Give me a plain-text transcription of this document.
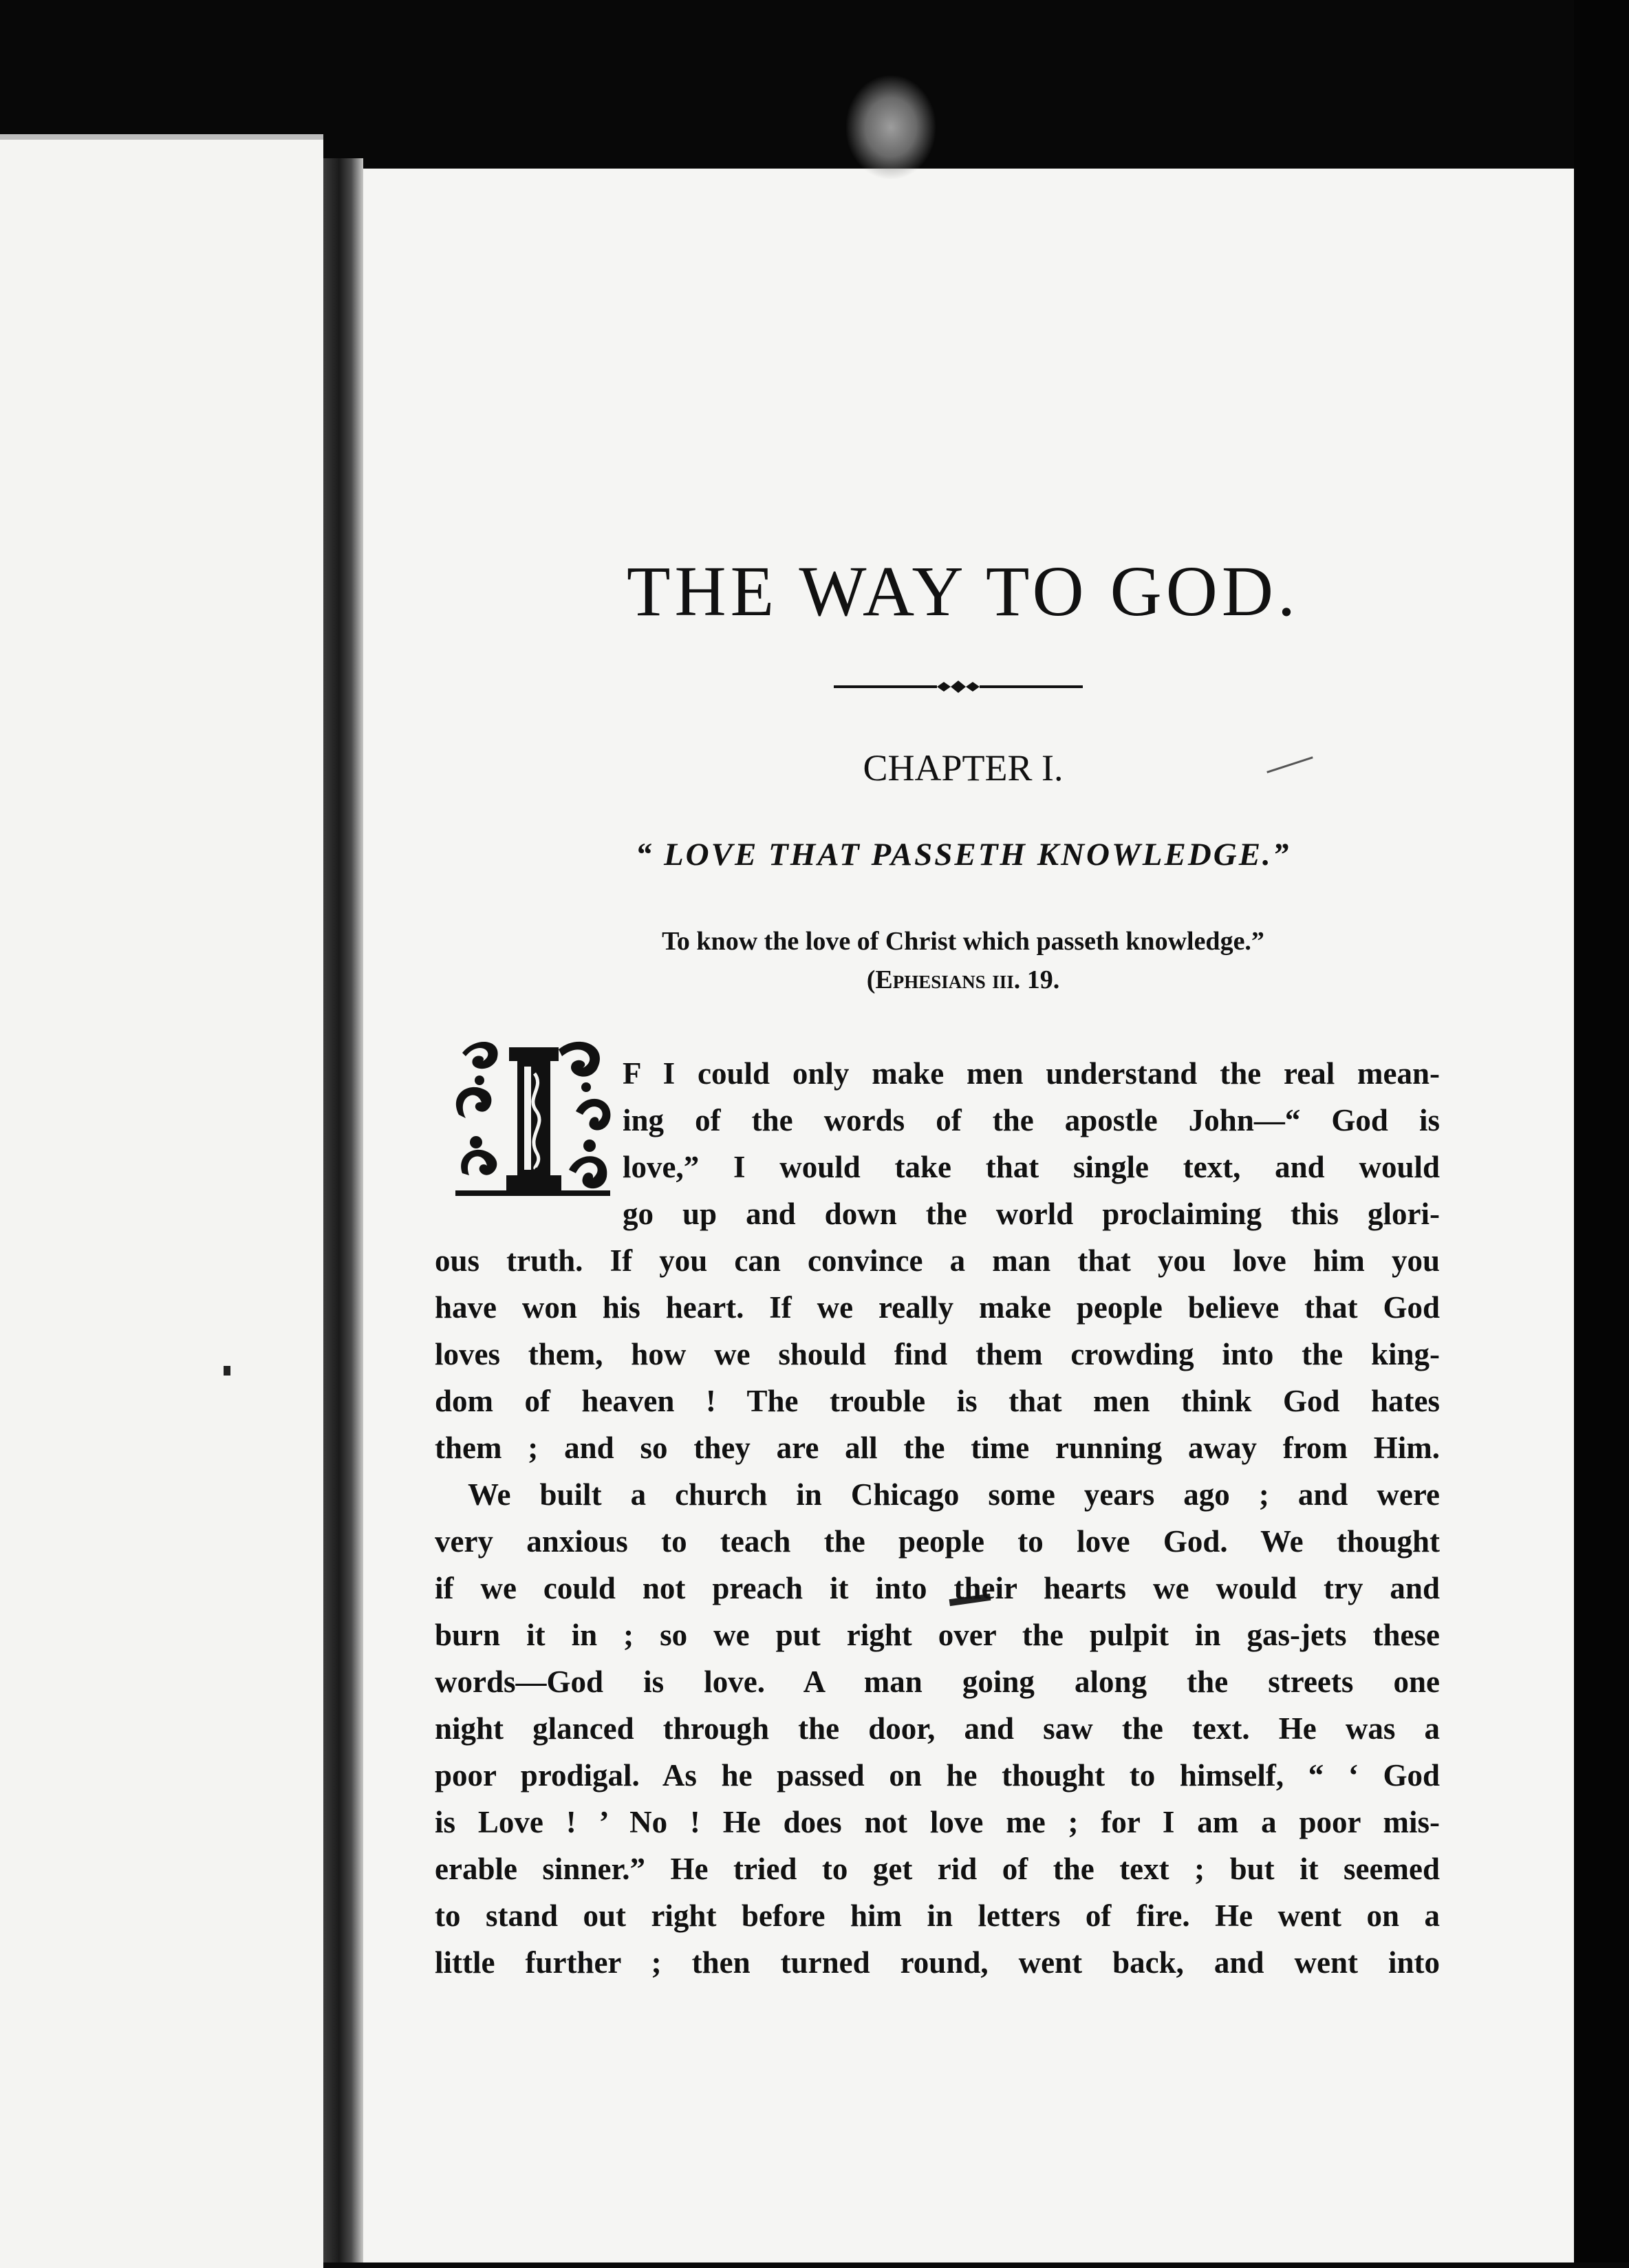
THE WAY TO GOD.
CHAPTER I.
“ LOVE THAT PASSETH KNOWLEDGE.”

To know the love of Christ which passeth knowledge.”
(Ephesians iii. 19.

F I could only make men understand the real mean-
ing of the words of the apostle John—“ God is
love,” I would take that single text, and would
go up and down the world proclaiming this glori-
ous truth. If you can convince a man that you love him you
have won his heart. If we really make people believe that God
loves them, how we should find them crowding into the king-
dom of heaven ! The trouble is that men think God hates
them ; and so they are all the time running away from Him.
We built a church in Chicago some years ago ; and were
very anxious to teach the people to love God. We thought
if we could not preach it into their hearts we would try and
burn it in ; so we put right over the pulpit in gas-jets these
words—God is love. A man going along the streets one
night glanced through the door, and saw the text. He was a
poor prodigal. As he passed on he thought to himself, “ ‘ God
is Love ! ’ No ! He does not love me ; for I am a poor mis-
erable sinner.” He tried to get rid of the text ; but it seemed
to stand out right before him in letters of fire. He went on a
little further ; then turned round, went back, and went into
